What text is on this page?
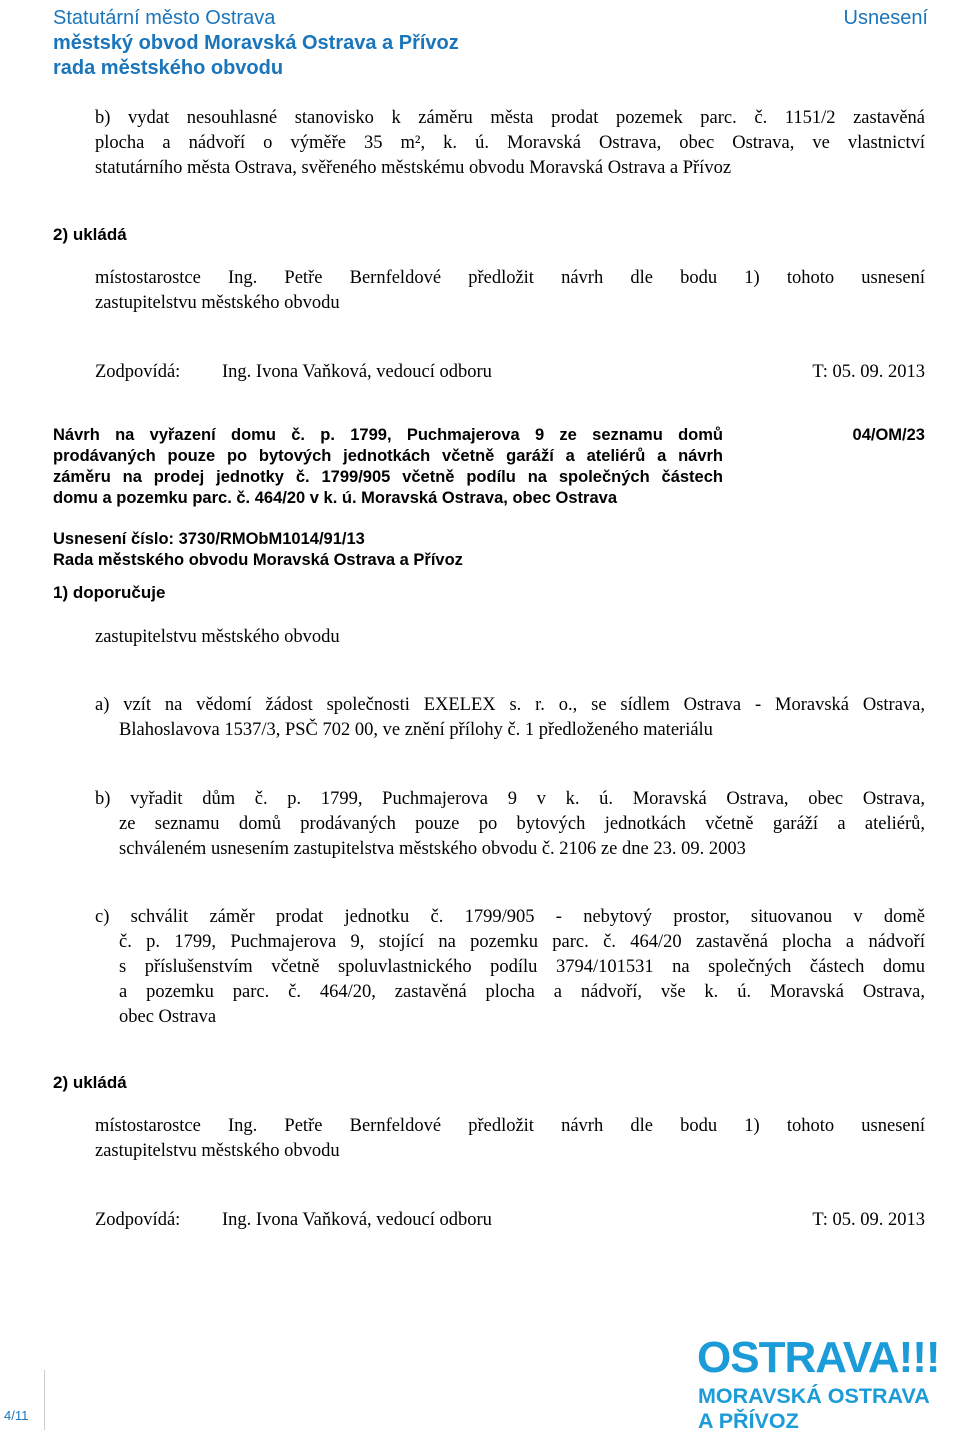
Statutární město Ostrava
městský obvod Moravská Ostrava a Přívoz
rada městského obvodu
Usnesení
b) vydat nesouhlasné stanovisko k záměru města prodat pozemek parc. č. 1151/2 zastavěná
plocha a nádvoří o výměře 35 m², k. ú. Moravská Ostrava, obec Ostrava, ve vlastnictví
statutárního města Ostrava, svěřeného městskému obvodu Moravská Ostrava a Přívoz
2) ukládá
místostarostce Ing. Petře Bernfeldové předložit návrh dle bodu 1) tohoto usnesení
zastupitelstvu městského obvodu
Zodpovídá: Ing. Ivona Vaňková, vedoucí odboru	T: 05. 09. 2013
Návrh na vyřazení domu č. p. 1799, Puchmajerova 9 ze seznamu domů
prodávaných pouze po bytových jednotkách včetně garáží a ateliérů a návrh
záměru na prodej jednotky č. 1799/905 včetně podílu na společných částech
domu a pozemku parc. č. 464/20 v k. ú. Moravská Ostrava, obec Ostrava
04/OM/23
Usnesení číslo: 3730/RMObM1014/91/13
Rada městského obvodu Moravská Ostrava a Přívoz
1) doporučuje
zastupitelstvu městského obvodu
a) vzít na vědomí žádost společnosti EXELEX s. r. o., se sídlem Ostrava - Moravská Ostrava,
Blahoslavova 1537/3, PSČ 702 00, ve znění přílohy č. 1 předloženého materiálu
b) vyřadit dům č. p. 1799, Puchmajerova 9 v k. ú. Moravská Ostrava, obec Ostrava,
ze seznamu domů prodávaných pouze po bytových jednotkách včetně garáží a ateliérů,
schváleném usnesením zastupitelstva městského obvodu č. 2106 ze dne 23. 09. 2003
c) schválit záměr prodat jednotku č. 1799/905 - nebytový prostor, situovanou v domě
č. p. 1799, Puchmajerova 9, stojící na pozemku parc. č. 464/20 zastavěná plocha a nádvoří
s příslušenstvím včetně spoluvlastnického podílu 3794/101531 na společných částech domu
a pozemku parc. č. 464/20, zastavěná plocha a nádvoří, vše k. ú. Moravská Ostrava,
obec Ostrava
2) ukládá
místostarostce Ing. Petře Bernfeldové předložit návrh dle bodu 1) tohoto usnesení
zastupitelstvu městského obvodu
Zodpovídá: Ing. Ivona Vaňková, vedoucí odboru	T: 05. 09. 2013
4/11
OSTRAVA!!!
MORAVSKÁ OSTRAVA
A PŘÍVOZ
